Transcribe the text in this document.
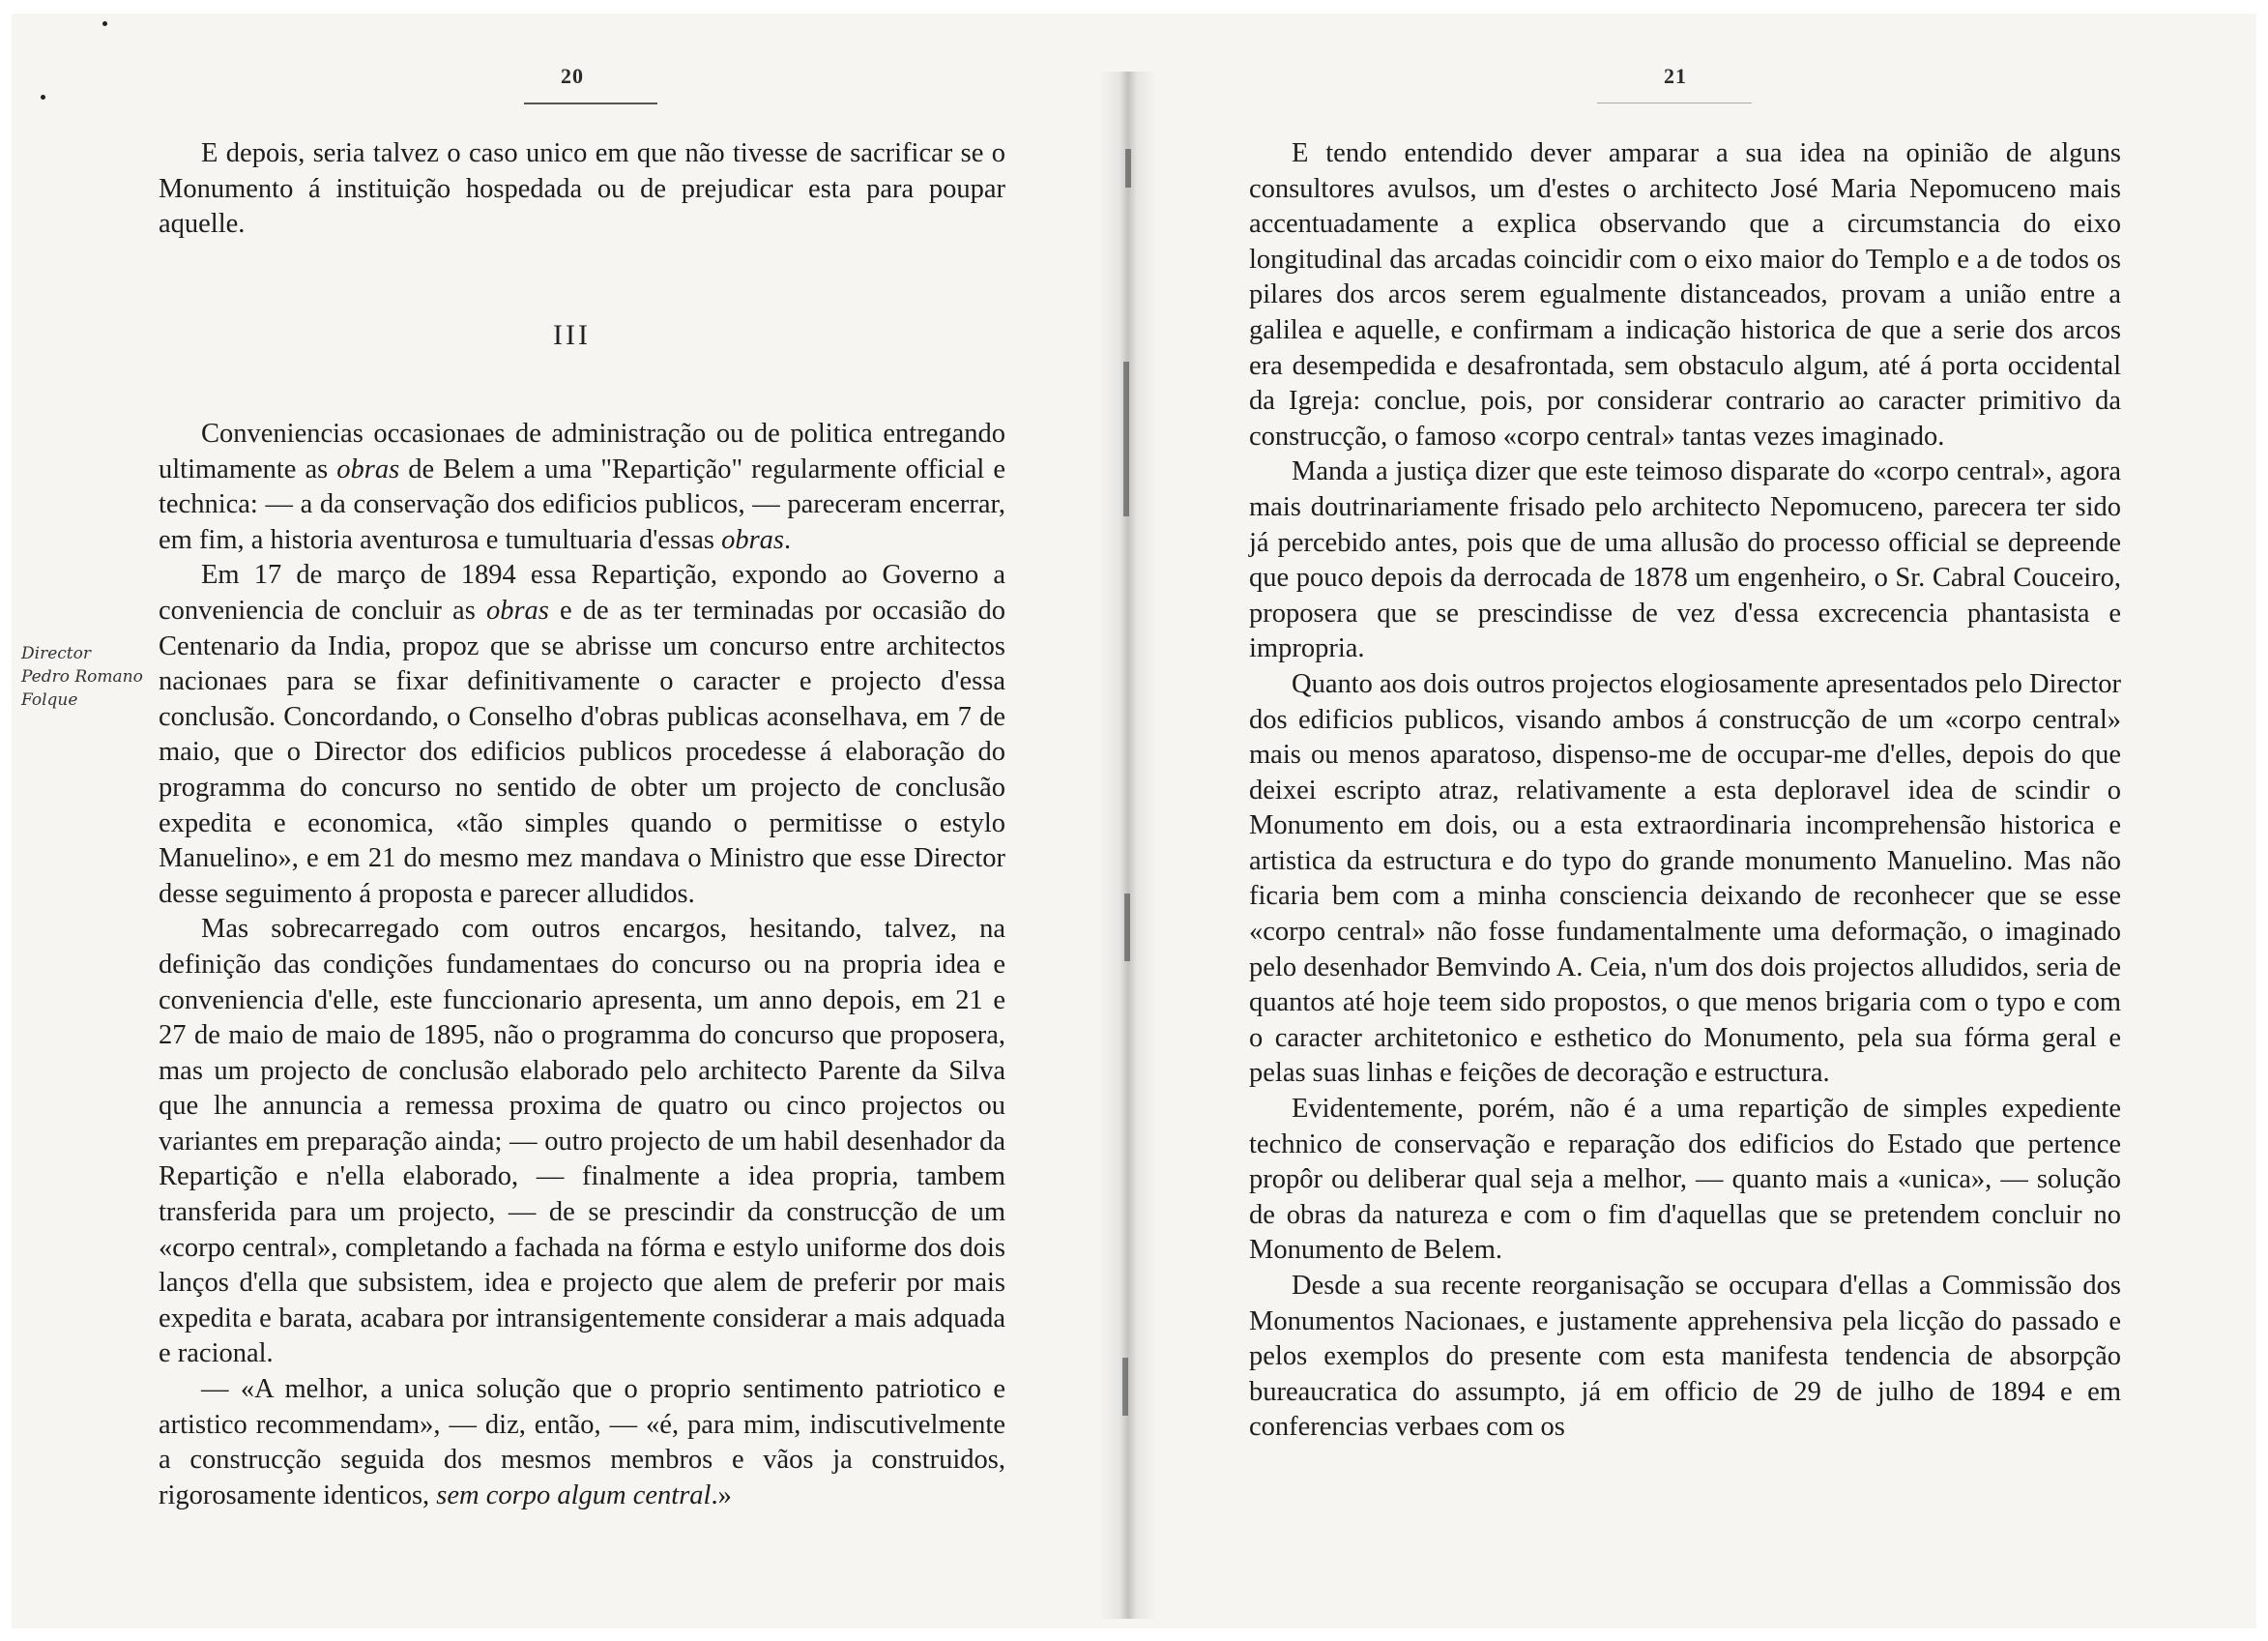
20

E depois, seria talvez o caso unico em que não tivesse de sacrificar se o Monumento á instituição hospedada ou de prejudicar esta para poupar aquelle.

III

Conveniencias occasionaes de administração ou de politica entregando ultimamente as obras de Belem a uma "Repartição" regularmente official e technica: — a da conservação dos edificios publicos, — pareceram encerrar, em fim, a historia aventurosa e tumultuaria d'essas obras.

Em 17 de março de 1894 essa Repartição, expondo ao Governo a conveniencia de concluir as obras e de as ter terminadas por occasião do Centenario da India, propoz que se abrisse um concurso entre architectos nacionaes para se fixar definitivamente o caracter e projecto d'essa conclusão. Concordando, o Conselho d'obras publicas aconselhava, em 7 de maio, que o Director dos edificios publicos procedesse á elaboração do programma do concurso no sentido de obter um projecto de conclusão expedita e economica, «tão simples quando o permitisse o estylo Manuelino», e em 21 do mesmo mez mandava o Ministro que esse Director desse seguimento á proposta e parecer alludidos.

Mas sobrecarregado com outros encargos, hesitando, talvez, na definição das condições fundamentaes do concurso ou na propria idea e conveniencia d'elle, este funccionario apresenta, um anno depois, em 21 e 27 de maio de maio de 1895, não o programma do concurso que proposera, mas um projecto de conclusão elaborado pelo architecto Parente da Silva que lhe annuncia a remessa proxima de quatro ou cinco projectos ou variantes em preparação ainda; — outro projecto de um habil desenhador da Repartição e n'ella elaborado, — finalmente a idea propria, tambem transferida para um projecto, — de se prescindir da construcção de um «corpo central», completando a fachada na fórma e estylo uniforme dos dois lanços d'ella que subsistem, idea e projecto que alem de preferir por mais expedita e barata, acabara por intransigentemente considerar a mais adquada e racional.

— «A melhor, a unica solução que o proprio sentimento patriotico e artistico recommendam», — diz, então, — «é, para mim, indiscutivelmente a construcção seguida dos mesmos membros e vãos ja construidos, rigorosamente identicos, sem corpo algum central.»

Director
Pedro Romano
Folque
21

E tendo entendido dever amparar a sua idea na opinião de alguns consultores avulsos, um d'estes o architecto José Maria Nepomuceno mais accentuadamente a explica observando que a circumstancia do eixo longitudinal das arcadas coincidir com o eixo maior do Templo e a de todos os pilares dos arcos serem egualmente distanceados, provam a união entre a galilea e aquelle, e confirmam a indicação historica de que a serie dos arcos era desempedida e desafrontada, sem obstaculo algum, até á porta occidental da Igreja: conclue, pois, por considerar contrario ao caracter primitivo da construcção, o famoso «corpo central» tantas vezes imaginado.

Manda a justiça dizer que este teimoso disparate do «corpo central», agora mais doutrinariamente frisado pelo architecto Nepomuceno, parecera ter sido já percebido antes, pois que de uma allusão do processo official se depreende que pouco depois da derrocada de 1878 um engenheiro, o Sr. Cabral Couceiro, proposera que se prescindisse de vez d'essa excrecencia phantasista e impropria.

Quanto aos dois outros projectos elogiosamente apresentados pelo Director dos edificios publicos, visando ambos á construcção de um «corpo central» mais ou menos aparatoso, dispenso-me de occupar-me d'elles, depois do que deixei escripto atraz, relativamente a esta deploravel idea de scindir o Monumento em dois, ou a esta extraordinaria incomprehensão historica e artistica da estructura e do typo do grande monumento Manuelino. Mas não ficaria bem com a minha consciencia deixando de reconhecer que se esse «corpo central» não fosse fundamentalmente uma deformação, o imaginado pelo desenhador Bemvindo A. Ceia, n'um dos dois projectos alludidos, seria de quantos até hoje teem sido propostos, o que menos brigaria com o typo e com o caracter architetonico e esthetico do Monumento, pela sua fórma geral e pelas suas linhas e feições de decoração e estructura.

Evidentemente, porém, não é a uma repartição de simples expediente technico de conservação e reparação dos edificios do Estado que pertence propôr ou deliberar qual seja a melhor, — quanto mais a «unica», — solução de obras da natureza e com o fim d'aquellas que se pretendem concluir no Monumento de Belem.

Desde a sua recente reorganisação se occupara d'ellas a Commissão dos Monumentos Nacionaes, e justamente apprehensiva pela licção do passado e pelos exemplos do presente com esta manifesta tendencia de absorpção bureaucratica do assumpto, já em officio de 29 de julho de 1894 e em conferencias verbaes com os
